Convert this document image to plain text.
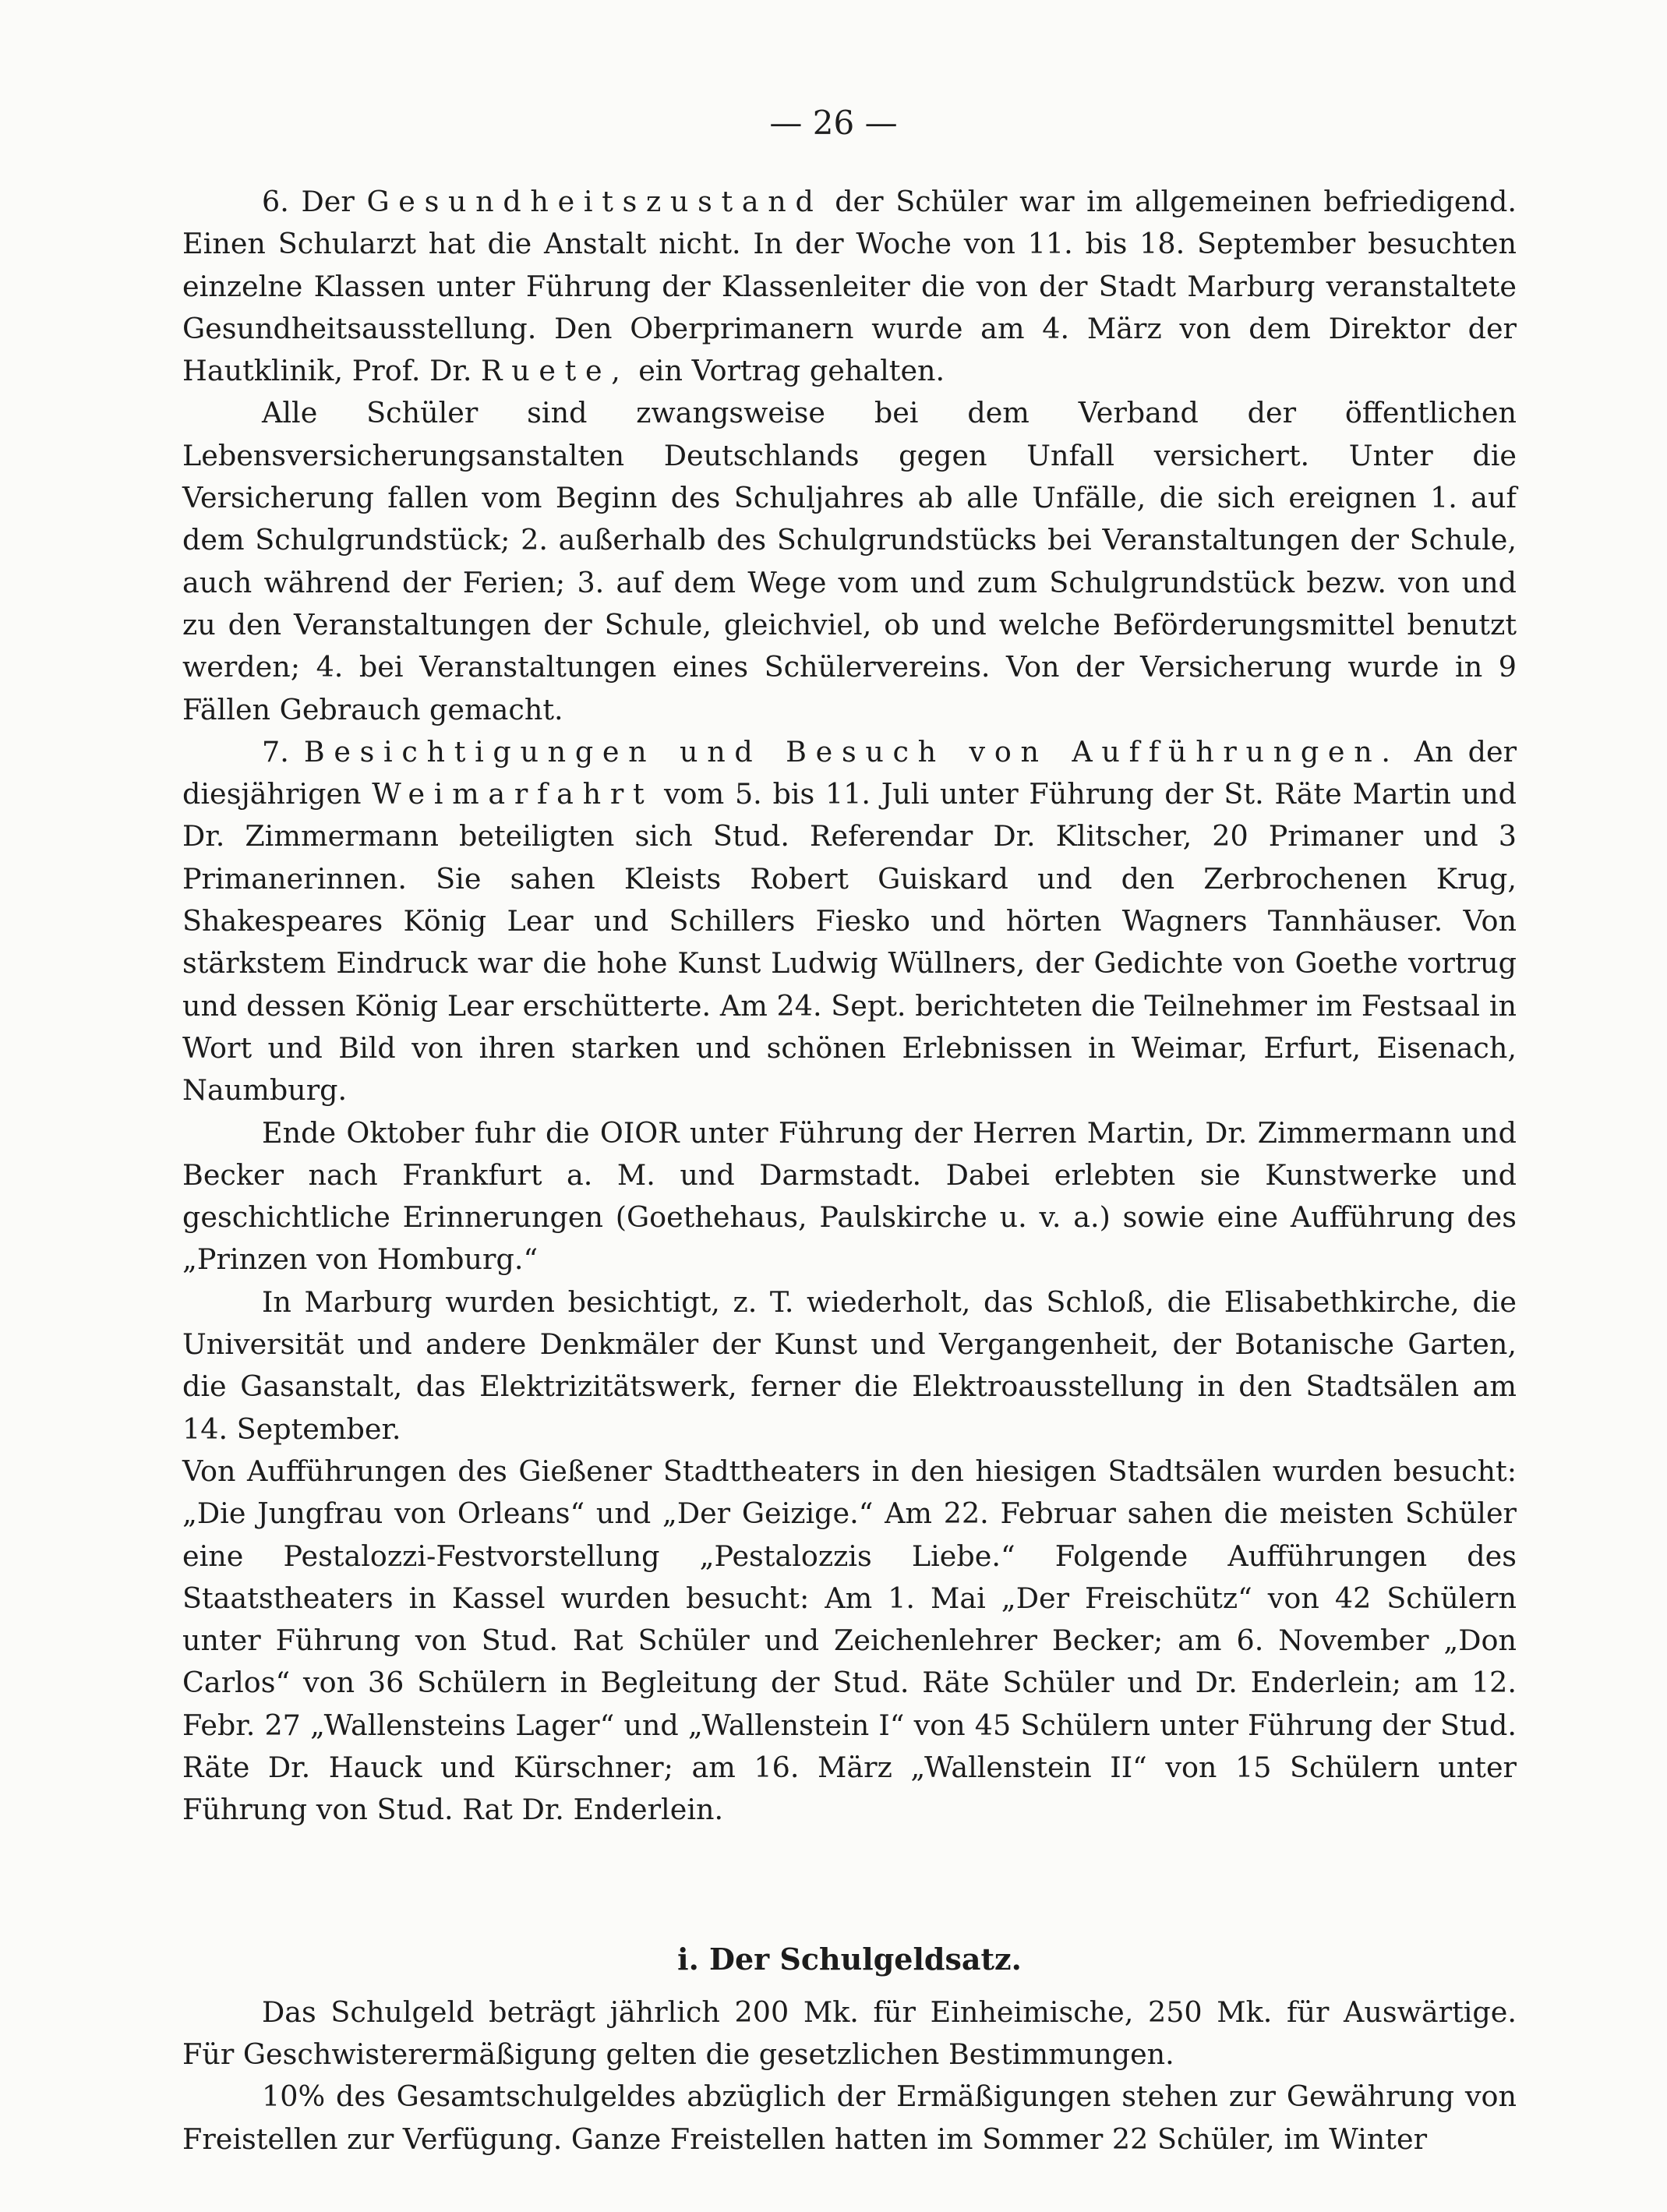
— 26 —

6. Der Gesundheitszustand der Schüler war im allgemeinen befriedigend. Einen Schularzt hat die Anstalt nicht. In der Woche von 11. bis 18. September besuchten einzelne Klassen unter Führung der Klassenleiter die von der Stadt Marburg veranstaltete Gesundheitsausstellung. Den Oberprimanern wurde am 4. März von dem Direktor der Hautklinik, Prof. Dr. Ruete, ein Vortrag gehalten.

Alle Schüler sind zwangsweise bei dem Verband der öffentlichen Lebensversicherungsanstalten Deutschlands gegen Unfall versichert. Unter die Versicherung fallen vom Beginn des Schuljahres ab alle Unfälle, die sich ereignen 1. auf dem Schulgrundstück; 2. außerhalb des Schulgrundstücks bei Veranstaltungen der Schule, auch während der Ferien; 3. auf dem Wege vom und zum Schulgrundstück bezw. von und zu den Veranstaltungen der Schule, gleichviel, ob und welche Beförderungsmittel benutzt werden; 4. bei Veranstaltungen eines Schülervereins. Von der Versicherung wurde in 9 Fällen Gebrauch gemacht.

7. Besichtigungen und Besuch von Aufführungen. An der diesjährigen Weimarfahrt vom 5. bis 11. Juli unter Führung der St. Räte Martin und Dr. Zimmermann beteiligten sich Stud. Referendar Dr. Klitscher, 20 Primaner und 3 Primanerinnen. Sie sahen Kleists Robert Guiskard und den Zerbrochenen Krug, Shakespeares König Lear und Schillers Fiesko und hörten Wagners Tannhäuser. Von stärkstem Eindruck war die hohe Kunst Ludwig Wüllners, der Gedichte von Goethe vortrug und dessen König Lear erschütterte. Am 24. Sept. berichteten die Teilnehmer im Festsaal in Wort und Bild von ihren starken und schönen Erlebnissen in Weimar, Erfurt, Eisenach, Naumburg.

Ende Oktober fuhr die OIOR unter Führung der Herren Martin, Dr. Zimmermann und Becker nach Frankfurt a. M. und Darmstadt. Dabei erlebten sie Kunstwerke und geschichtliche Erinnerungen (Goethehaus, Paulskirche u. v. a.) sowie eine Aufführung des „Prinzen von Homburg.“

In Marburg wurden besichtigt, z. T. wiederholt, das Schloß, die Elisabethkirche, die Universität und andere Denkmäler der Kunst und Vergangenheit, der Botanische Garten, die Gasanstalt, das Elektrizitätswerk, ferner die Elektroausstellung in den Stadtsälen am 14. September.

Von Aufführungen des Gießener Stadttheaters in den hiesigen Stadtsälen wurden besucht: „Die Jungfrau von Orleans“ und „Der Geizige.“ Am 22. Februar sahen die meisten Schüler eine Pestalozzi-Festvorstellung „Pestalozzis Liebe.“ Folgende Aufführungen des Staatstheaters in Kassel wurden besucht: Am 1. Mai „Der Freischütz“ von 42 Schülern unter Führung von Stud. Rat Schüler und Zeichenlehrer Becker; am 6. November „Don Carlos“ von 36 Schülern in Begleitung der Stud. Räte Schüler und Dr. Enderlein; am 12. Febr. 27 „Wallensteins Lager“ und „Wallenstein I“ von 45 Schülern unter Führung der Stud. Räte Dr. Hauck und Kürschner; am 16. März „Wallenstein II“ von 15 Schülern unter Führung von Stud. Rat Dr. Enderlein.

i. Der Schulgeldsatz.

Das Schulgeld beträgt jährlich 200 Mk. für Einheimische, 250 Mk. für Auswärtige. Für Geschwisterermäßigung gelten die gesetzlichen Bestimmungen.

10% des Gesamtschulgeldes abzüglich der Ermäßigungen stehen zur Gewährung von Freistellen zur Verfügung. Ganze Freistellen hatten im Sommer 22 Schüler, im Winter
